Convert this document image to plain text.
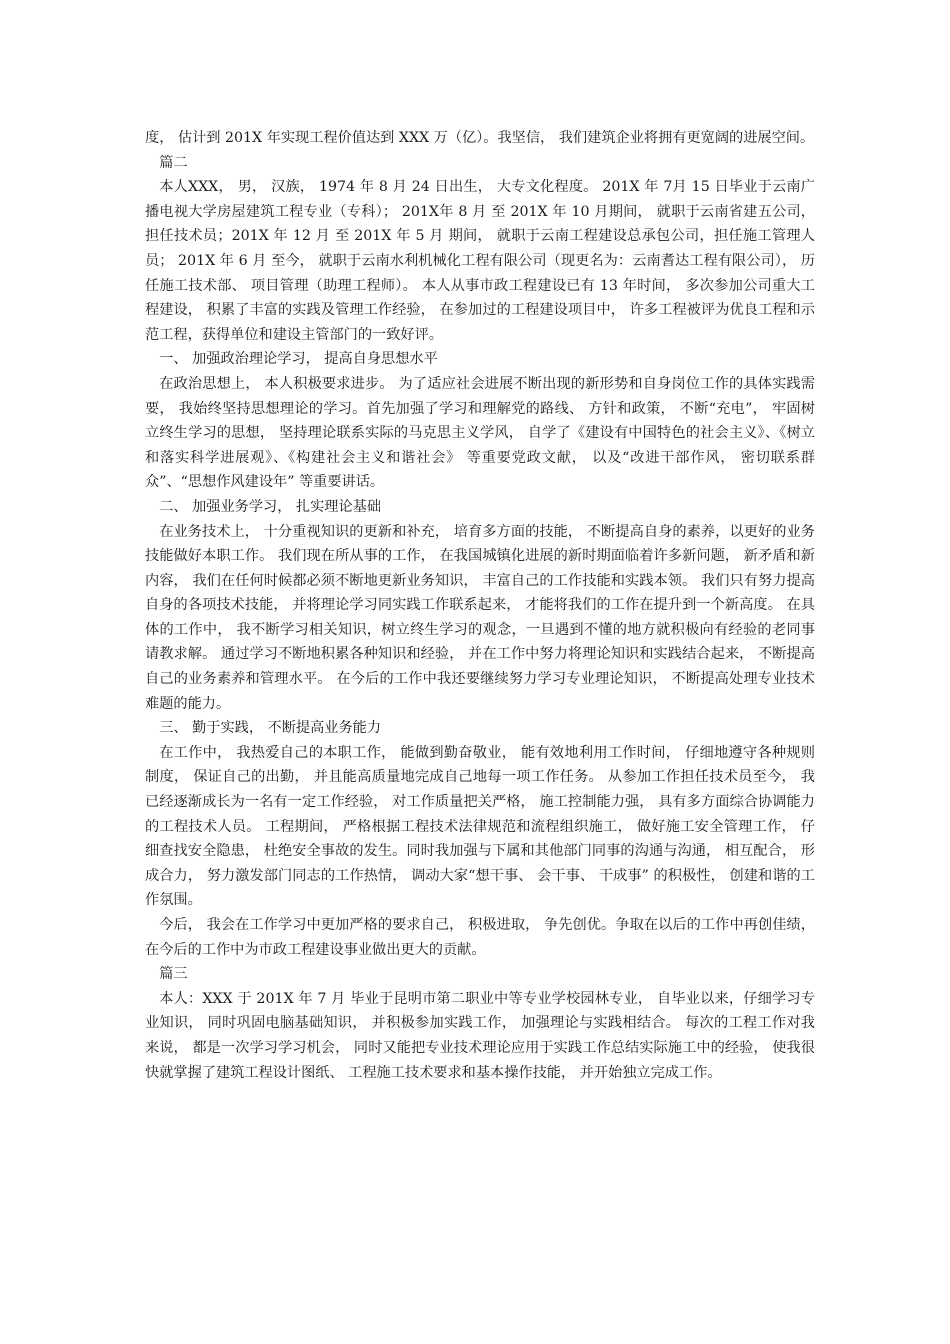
度， 估计到 201X 年实现工程价值达到 XXX 万（亿）。我坚信， 我们建筑企业将拥有更宽阔的进展空间。

篇二

本人XXX， 男， 汉族， 1974 年 8 月 24 日出生， 大专文化程度。 201X 年 7月 15 日毕业于云南广播电视大学房屋建筑工程专业（专科）； 201X年 8 月 至 201X 年 10 月期间， 就职于云南省建五公司， 担任技术员；201X 年 12 月 至 201X 年 5 月 期间， 就职于云南工程建设总承包公司，担任施工管理人员； 201X 年 6 月 至今， 就职于云南水利机械化工程有限公司（现更名为：云南耆达工程有限公司）， 历任施工技术部、 项目管理（助理工程师）。 本人从事市政工程建设已有 13 年时间， 多次参加公司重大工程建设， 积累了丰富的实践及管理工作经验， 在参加过的工程建设项目中， 许多工程被评为优良工程和示范工程，获得单位和建设主管部门的一致好评。

一、 加强政治理论学习， 提高自身思想水平

在政治思想上， 本人积极要求进步。 为了适应社会进展不断出现的新形势和自身岗位工作的具体实践需要， 我始终坚持思想理论的学习。首先加强了学习和理解党的路线、 方针和政策， 不断“充电”， 牢固树立终生学习的思想， 坚持理论联系实际的马克思主义学风， 自学了《建设有中国特色的社会主义》、《树立和落实科学进展观》、《构建社会主义和谐社会》 等重要党政文献， 以及“改进干部作风， 密切联系群众”、“思想作风建设年” 等重要讲话。

二、 加强业务学习， 扎实理论基础

在业务技术上， 十分重视知识的更新和补充， 培育多方面的技能， 不断提高自身的素养，以更好的业务技能做好本职工作。 我们现在所从事的工作， 在我国城镇化进展的新时期面临着许多新问题， 新矛盾和新内容， 我们在任何时候都必须不断地更新业务知识， 丰富自己的工作技能和实践本领。 我们只有努力提高自身的各项技术技能， 并将理论学习同实践工作联系起来， 才能将我们的工作在提升到一个新高度。 在具体的工作中， 我不断学习相关知识，树立终生学习的观念，一旦遇到不懂的地方就积极向有经验的老同事请教求解。 通过学习不断地积累各种知识和经验， 并在工作中努力将理论知识和实践结合起来， 不断提高自己的业务素养和管理水平。 在今后的工作中我还要继续努力学习专业理论知识， 不断提高处理专业技术难题的能力。

三、 勤于实践， 不断提高业务能力

在工作中， 我热爱自己的本职工作， 能做到勤奋敬业， 能有效地利用工作时间， 仔细地遵守各种规则制度， 保证自己的出勤， 并且能高质量地完成自己地每一项工作任务。 从参加工作担任技术员至今， 我已经逐渐成长为一名有一定工作经验， 对工作质量把关严格， 施工控制能力强， 具有多方面综合协调能力的工程技术人员。 工程期间， 严格根据工程技术法律规范和流程组织施工， 做好施工安全管理工作， 仔细查找安全隐患， 杜绝安全事故的发生。同时我加强与下属和其他部门同事的沟通与沟通， 相互配合， 形成合力， 努力激发部门同志的工作热情， 调动大家“想干事、 会干事、 干成事” 的积极性， 创建和谐的工作氛围。

今后， 我会在工作学习中更加严格的要求自己， 积极进取， 争先创优。争取在以后的工作中再创佳绩， 在今后的工作中为市政工程建设事业做出更大的贡献。

篇三

本人：XXX 于 201X 年 7 月 毕业于昆明市第二职业中等专业学校园林专业， 自毕业以来，仔细学习专业知识， 同时巩固电脑基础知识， 并积极参加实践工作， 加强理论与实践相结合。 每次的工程工作对我来说， 都是一次学习学习机会， 同时又能把专业技术理论应用于实践工作总结实际施工中的经验， 使我很快就掌握了建筑工程设计图纸、 工程施工技术要求和基本操作技能， 并开始独立完成工作。
